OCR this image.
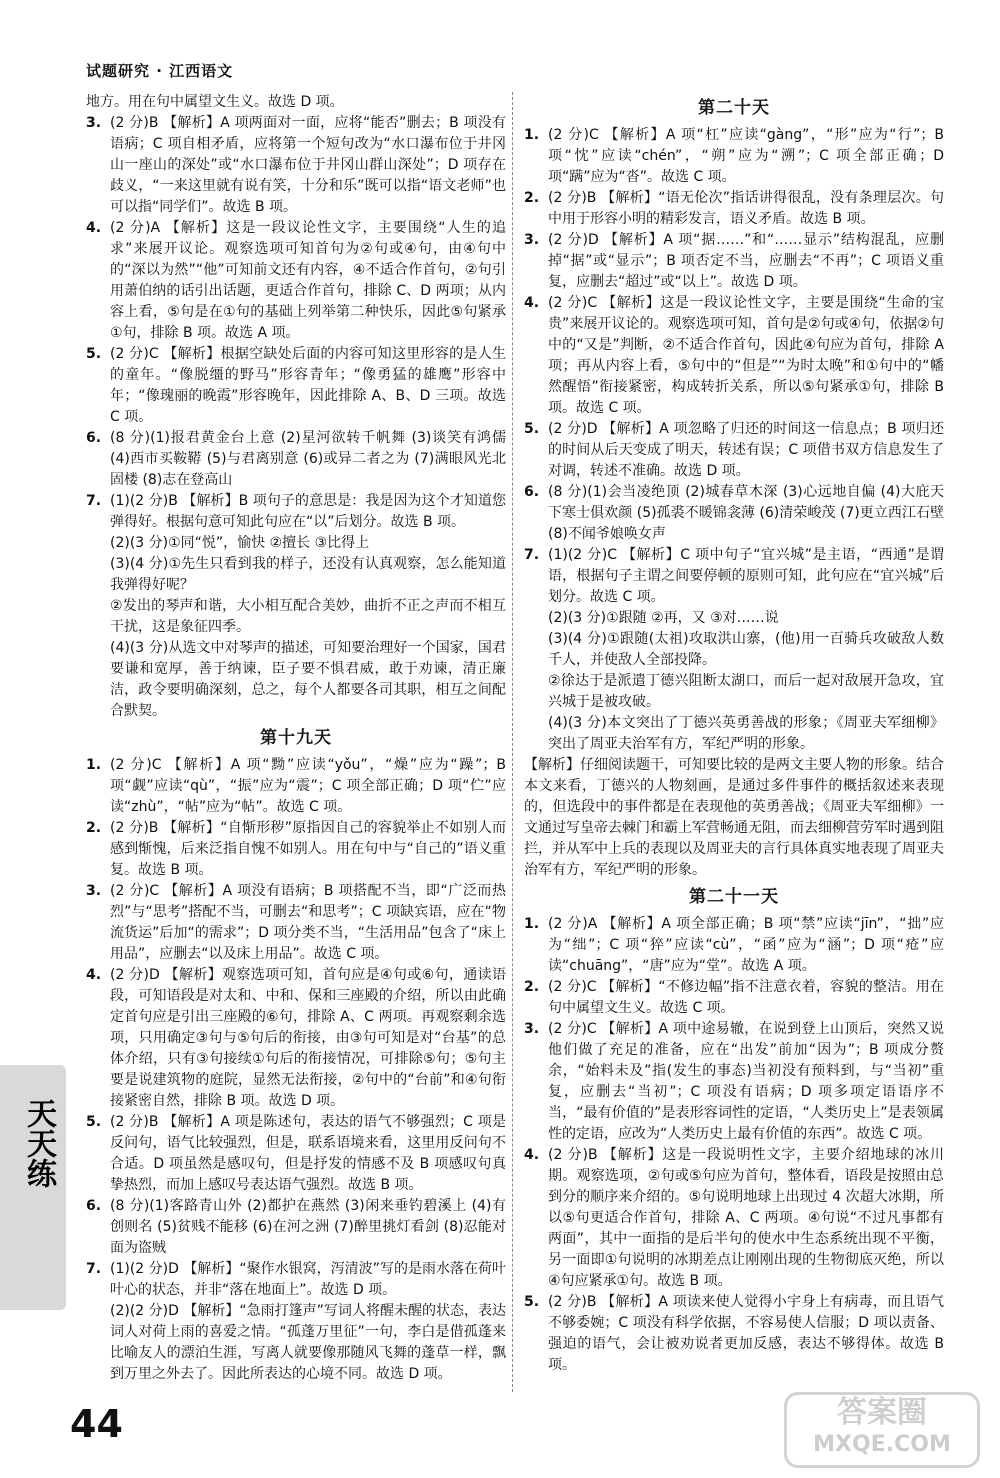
试题研究 · 江西语文

地方。用在句中属望文生义。故选 D 项。

3. (2 分)B 【解析】A 项两面对一面，应将“能否”删去；B 项没有语病；C 项自相矛盾，应将第一个短句改为“水口瀑布位于井冈山一座山的深处”或“水口瀑布位于井冈山群山深处”；D 项存在歧义，“一来这里就有说有笑，十分和乐”既可以指“语文老师”也可以指“同学们”。故选 B 项。

4. (2 分)A 【解析】这是一段议论性文字，主要围绕“人生的追求”来展开议论。观察选项可知首句为②句或④句，由④句中的“深以为然”“他”可知前文还有内容，④不适合作首句，②句引用萧伯纳的话引出话题，更适合作首句，排除 C、D 两项；从内容上看，⑤句是在①句的基础上列举第二种快乐，因此⑤句紧承①句，排除 B 项。故选 A 项。

5. (2 分)C 【解析】根据空缺处后面的内容可知这里形容的是人生的童年。“像脱缰的野马”形容青年；“像勇猛的雄鹰”形容中年；“像瑰丽的晚霞”形容晚年，因此排除 A、B、D 三项。故选 C 项。

6. (8 分)(1)报君黄金台上意 (2)星河欲转千帆舞 (3)谈笑有鸿儒 (4)西市买鞍鞯 (5)与君离别意 (6)或异二者之为 (7)满眼风光北固楼 (8)志在登高山

7. (1)(2 分)B 【解析】B 项句子的意思是：我是因为这个才知道您弹得好。根据句意可知此句应在“以”后划分。故选 B 项。

(2)(3 分)①同“悦”，愉快 ②擅长 ③比得上

(3)(4 分)①先生只看到我的样子，还没有认真观察，怎么能知道我弹得好呢？

②发出的琴声和谐，大小相互配合美妙，曲折不正之声而不相互干扰，这是象征四季。

(4)(3 分)从选文中对琴声的描述，可知要治理好一个国家，国君要谦和宽厚，善于纳谏，臣子要不惧君威，敢于劝谏，清正廉洁，政令要明确深刻，总之，每个人都要各司其职，相互之间配合默契。

第十九天

1. (2 分)C 【解析】A 项“黝”应读“yǒu”，“燥”应为“躁”；B 项“觑”应读“qù”，“振”应为“震”；C 项全部正确；D 项“伫”应读“zhù”，“帖”应为“帖”。故选 C 项。

2. (2 分)B 【解析】“自惭形秽”原指因自己的容貌举止不如别人而感到惭愧，后来泛指自愧不如别人。用在句中与“自己的”语义重复。故选 B 项。

3. (2 分)C 【解析】A 项没有语病；B 项搭配不当，即“广泛而热烈”与“思考”搭配不当，可删去“和思考”；C 项缺宾语，应在“物流货运”后加“的需求”；D 项分类不当，“生活用品”包含了“床上用品”，应删去“以及床上用品”。故选 C 项。

4. (2 分)D 【解析】观察选项可知，首句应是④句或⑥句，通读语段，可知语段是对太和、中和、保和三座殿的介绍，所以由此确定首句应是引出三座殿的⑥句，排除 A、C 两项。再观察剩余选项，只用确定③句与⑤句后的衔接，由③句可知是对“台基”的总体介绍，只有③句接续①句后的衔接情况，可排除⑤句；⑤句主要是说建筑物的庭院，显然无法衔接，②句中的“台前”和④句衔接紧密自然，排除 B 项。故选 D 项。

5. (2 分)B 【解析】A 项是陈述句，表达的语气不够强烈；C 项是反问句，语气比较强烈，但是，联系语境来看，这里用反问句不合适。D 项虽然是感叹句，但是抒发的情感不及 B 项感叹句真挚热烈，而加上感叹号表达语气强烈。故选 B 项。

6. (8 分)(1)客路青山外 (2)都护在燕然 (3)闲来垂钓碧溪上 (4)有创则名 (5)贫贱不能移 (6)在河之洲 (7)醉里挑灯看剑 (8)忍能对面为盗贼

7. (1)(2 分)D 【解析】“聚作水银窝，泻清波”写的是雨水落在荷叶叶心的状态，并非“落在地面上”。故选 D 项。

(2)(2 分)D 【解析】“急雨打篷声”写词人将醒未醒的状态，表达词人对荷上雨的喜爱之情。“孤蓬万里征”一句，李白是借孤蓬来比喻友人的漂泊生涯，写离人就要像那随风飞舞的蓬草一样，飘到万里之外去了。因此所表达的心境不同。故选 D 项。

第二十天

1. (2 分)C 【解析】A 项“杠”应读“gàng”，“形”应为“行”；B 项“忱”应读“chén”，“朔”应为“溯”；C 项全部正确；D 项“蹒”应为“沓”。故选 C 项。

2. (2 分)B 【解析】“语无伦次”指话讲得很乱，没有条理层次。句中用于形容小明的精彩发言，语义矛盾。故选 B 项。

3. (2 分)D 【解析】A 项“据……”和“……显示”结构混乱，应删掉“据”或“显示”；B 项否定不当，应删去“不再”；C 项语义重复，应删去“超过”或“以上”。故选 D 项。

4. (2 分)C 【解析】这是一段议论性文字，主要是围绕“生命的宝贵”来展开议论的。观察选项可知，首句是②句或④句，依据②句中的“又是”判断，②不适合作首句，因此④句应为首句，排除 A 项；再从内容上看，⑤句中的“但是”“为时太晚”和①句中的“幡然醒悟”衔接紧密，构成转折关系，所以⑤句紧承①句，排除 B 项。故选 C 项。

5. (2 分)D 【解析】A 项忽略了归还的时间这一信息点；B 项归还的时间从后天变成了明天，转述有误；C 项借书双方信息发生了对调，转述不准确。故选 D 项。

6. (8 分)(1)会当凌绝顶 (2)城春草木深 (3)心远地自偏 (4)大庇天下寒士俱欢颜 (5)孤裘不暖锦衾薄 (6)清荣峻茂 (7)更立西江石壁 (8)不闻爷娘唤女声

7. (1)(2 分)C 【解析】C 项中句子“宜兴城”是主语，“西通”是谓语，根据句子主谓之间要停顿的原则可知，此句应在“宜兴城”后划分。故选 C 项。

(2)(3 分)①跟随 ②再，又 ③对……说

(3)(4 分)①跟随(太祖)攻取洪山寨，(他)用一百骑兵攻破敌人数千人，并使敌人全部投降。

②徐达于是派遣丁德兴阻断太湖口，而后一起对敌展开急攻，宜兴城于是被攻破。

(4)(3 分)本文突出了丁德兴英勇善战的形象；《周亚夫军细柳》突出了周亚夫治军有方，军纪严明的形象。

【解析】仔细阅读题干，可知要比较的是两文主要人物的形象。结合本文来看，丁德兴的人物刻画，是通过多件事件的概括叙述来表现的，但选段中的事件都是在表现他的英勇善战；《周亚夫军细柳》一文通过写皇帝去棘门和霸上军营畅通无阻，而去细柳营劳军时遇到阻拦，并从军中上兵的表现以及周亚夫的言行具体真实地表现了周亚夫治军有方，军纪严明的形象。

第二十一天

1. (2 分)A 【解析】A 项全部正确；B 项“禁”应读“jīn”，“拙”应为“绌”；C 项“猝”应读“cù”，“函”应为“涵”；D 项“疮”应读“chuāng”，“唐”应为“堂”。故选 A 项。

2. (2 分)C 【解析】“不修边幅”指不注意衣着，容貌的整洁。用在句中属望文生义。故选 C 项。

3. (2 分)C 【解析】A 项中途易辙，在说到登上山顶后，突然又说他们做了充足的准备，应在“出发”前加“因为”；B 项成分赘余，“始料未及”指(发生的事态)当初没有预料到，与“当初”重复，应删去“当初”；C 项没有语病；D 项多项定语语序不当，“最有价值的”是表形容词性的定语，“人类历史上”是表领属性的定语，应改为“人类历史上最有价值的东西”。故选 C 项。

4. (2 分)B 【解析】这是一段说明性文字，主要介绍地球的冰川期。观察选项，②句或⑤句应为首句，整体看，语段是按照由总到分的顺序来介绍的。⑤句说明地球上出现过 4 次超大冰期，所以⑤句更适合作首句，排除 A、C 两项。④句说“不过凡事都有两面”，其中一面指的是后半句的使水中生态系统出现不平衡，另一面即①句说明的冰期差点让刚刚出现的生物彻底灭绝，所以④句应紧承①句。故选 B 项。

5. (2 分)B 【解析】A 项读来使人觉得小宇身上有病毒，而且语气不够委婉；C 项没有科学依据，不容易使人信服；D 项以责备、强迫的语气，会让被劝说者更加反感，表达不够得体。故选 B 项。

天天练
44	答案圈
MXQE.COM
